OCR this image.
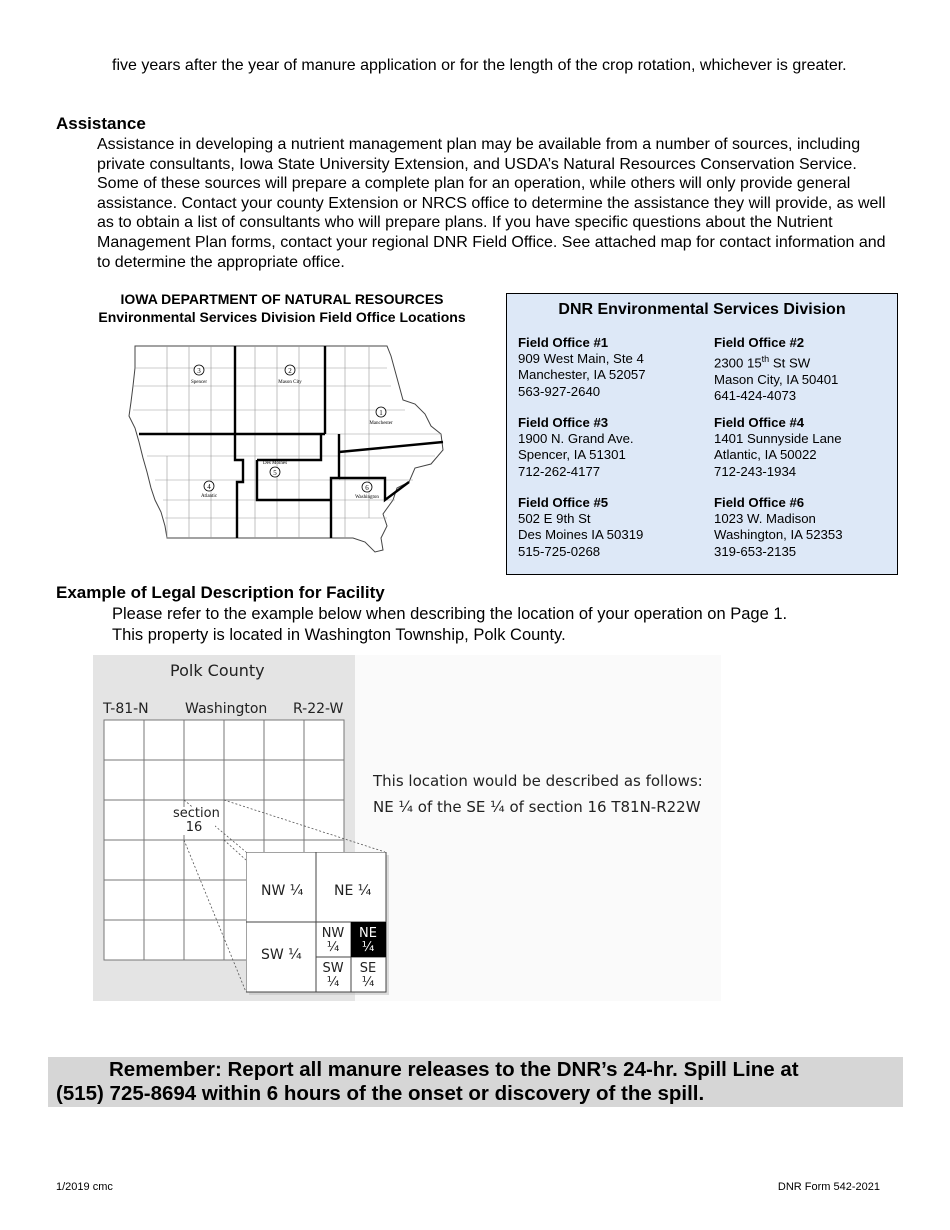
five years after the year of manure application or for the length of the crop rotation, whichever is greater.
Assistance
Assistance in developing a nutrient management plan may be available from a number of sources, including private consultants, Iowa State University Extension, and USDA’s Natural Resources Conservation Service. Some of these sources will prepare a complete plan for an operation, while others will only provide general assistance. Contact your county Extension or NRCS office to determine the assistance they will provide, as well as to obtain a list of consultants who will prepare plans. If you have specific questions about the Nutrient Management Plan forms, contact your regional DNR Field Office. See attached map for contact information and to determine the appropriate office.
IOWA DEPARTMENT OF NATURAL RESOURCES
Environmental Services Division Field Office Locations
3
Spencer
2
Mason City
1
Manchester
5
Des Moines
4
Atlantic
6
Washington
DNR Environmental Services Division
Field Office #1
909 West Main, Ste 4
Manchester, IA 52057
563-927-2640
Field Office #2
2300 15th St SW
Mason City, IA 50401
641-424-4073
Field Office #3
1900 N. Grand Ave.
Spencer, IA 51301
712-262-4177
Field Office #4
1401 Sunnyside Lane
Atlantic, IA 50022
712-243-1934
Field Office #5
502 E 9th St
Des Moines IA 50319
515-725-0268
Field Office #6
1023 W. Madison
Washington, IA 52353
319-653-2135
Example of Legal Description for Facility
Please refer to the example below when describing the location of your operation on Page 1.
This property is located in Washington Township, Polk County.
Polk County
T-81-N	Washington R-22-W
section
16
NW ¼ NE ¼
SW ¼
NW
¼
NE
¼
SW
¼
SE
¼
This location would be described as follows:
NE ¼ of the SE ¼ of section 16 T81N-R22W
Remember: Report all manure releases to the DNR’s 24-hr. Spill Line at
(515) 725-8694 within 6 hours of the onset or discovery of the spill.
1/2019 cmc	DNR Form 542-2021
